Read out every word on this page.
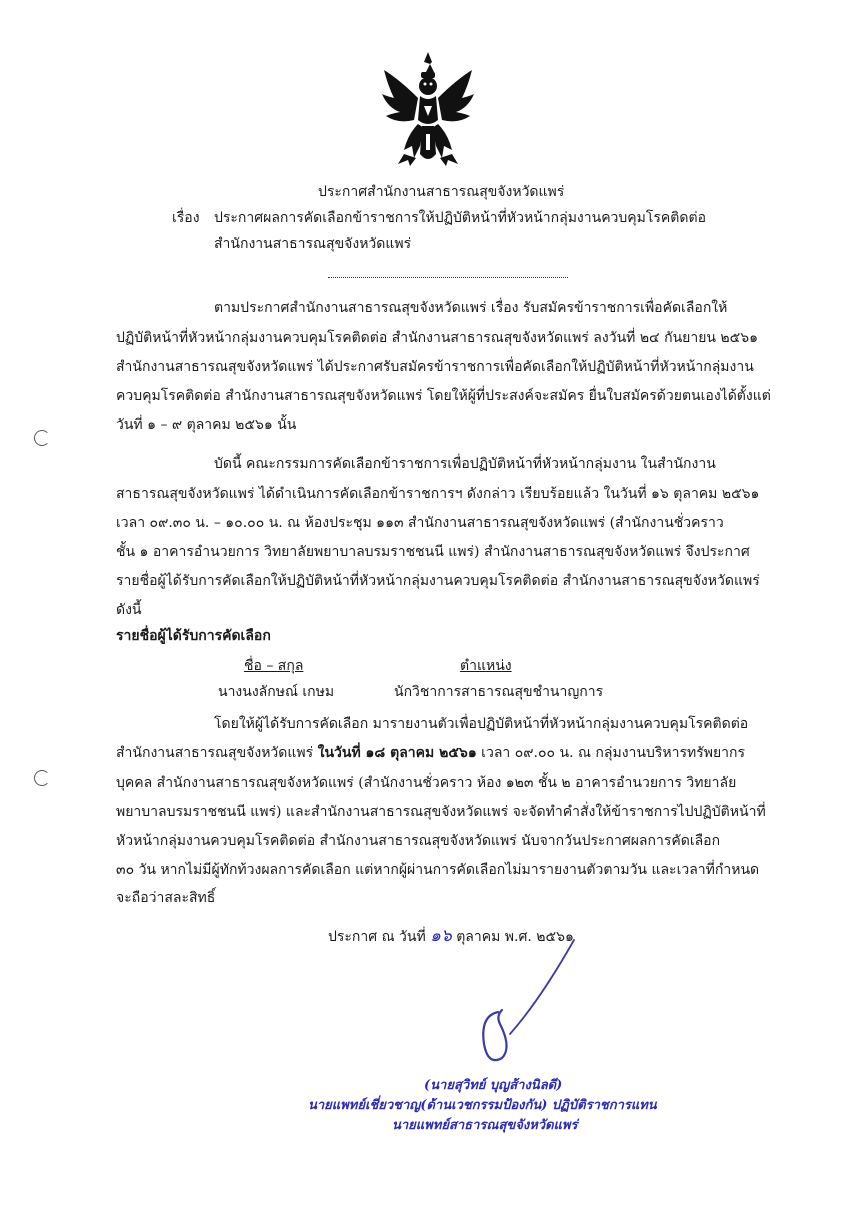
ประกาศสำนักงานสาธารณสุขจังหวัดแพร่
เรื่อง ประกาศผลการคัดเลือกข้าราชการให้ปฏิบัติหน้าที่หัวหน้ากลุ่มงานควบคุมโรคติดต่อ
สำนักงานสาธารณสุขจังหวัดแพร่
ตามประกาศสำนักงานสาธารณสุขจังหวัดแพร่ เรื่อง รับสมัครข้าราชการเพื่อคัดเลือกให้
ปฏิบัติหน้าที่หัวหน้ากลุ่มงานควบคุมโรคติดต่อ สำนักงานสาธารณสุขจังหวัดแพร่ ลงวันที่ ๒๔ กันยายน ๒๕๖๑
สำนักงานสาธารณสุขจังหวัดแพร่ ได้ประกาศรับสมัครข้าราชการเพื่อคัดเลือกให้ปฏิบัติหน้าที่หัวหน้ากลุ่มงาน
ควบคุมโรคติดต่อ สำนักงานสาธารณสุขจังหวัดแพร่ โดยให้ผู้ที่ประสงค์จะสมัคร ยื่นใบสมัครด้วยตนเองได้ตั้งแต่
วันที่ ๑ – ๙ ตุลาคม ๒๕๖๑ นั้น
บัดนี้ คณะกรรมการคัดเลือกข้าราชการเพื่อปฏิบัติหน้าที่หัวหน้ากลุ่มงาน ในสำนักงาน
สาธารณสุขจังหวัดแพร่ ได้ดำเนินการคัดเลือกข้าราชการฯ ดังกล่าว เรียบร้อยแล้ว ในวันที่ ๑๖ ตุลาคม ๒๕๖๑
เวลา ๐๙.๓๐ น. – ๑๐.๐๐ น. ณ ห้องประชุม ๑๑๓ สำนักงานสาธารณสุขจังหวัดแพร่ (สำนักงานชั่วคราว
ชั้น ๑ อาคารอำนวยการ วิทยาลัยพยาบาลบรมราชชนนี แพร่) สำนักงานสาธารณสุขจังหวัดแพร่ จึงประกาศ
รายชื่อผู้ได้รับการคัดเลือกให้ปฏิบัติหน้าที่หัวหน้ากลุ่มงานควบคุมโรคติดต่อ สำนักงานสาธารณสุขจังหวัดแพร่
ดังนี้
รายชื่อผู้ได้รับการคัดเลือก
ชื่อ – สกุล	ตำแหน่ง
นางนงลักษณ์ เกษม	นักวิชาการสาธารณสุขชำนาญการ
โดยให้ผู้ได้รับการคัดเลือก มารายงานตัวเพื่อปฏิบัติหน้าที่หัวหน้ากลุ่มงานควบคุมโรคติดต่อ
สำนักงานสาธารณสุขจังหวัดแพร่ ในวันที่ ๑๘ ตุลาคม ๒๕๖๑ เวลา ๐๙.๐๐ น. ณ กลุ่มงานบริหารทรัพยากร
บุคคล สำนักงานสาธารณสุขจังหวัดแพร่ (สำนักงานชั่วคราว ห้อง ๑๒๓ ชั้น ๒ อาคารอำนวยการ วิทยาลัย
พยาบาลบรมราชชนนี แพร่) และสำนักงานสาธารณสุขจังหวัดแพร่ จะจัดทำคำสั่งให้ข้าราชการไปปฏิบัติหน้าที่
หัวหน้ากลุ่มงานควบคุมโรคติดต่อ สำนักงานสาธารณสุขจังหวัดแพร่ นับจากวันประกาศผลการคัดเลือก
๓๐ วัน หากไม่มีผู้ทักท้วงผลการคัดเลือก แต่หากผู้ผ่านการคัดเลือกไม่มารายงานตัวตามวัน และเวลาที่กำหนด
จะถือว่าสละสิทธิ์
ประกาศ ณ วันที่ ๑๖ ตุลาคม พ.ศ. ๒๕๖๑
(นายสุวิทย์ บุญส้างนิลดี)
นายแพทย์เชี่ยวชาญ(ด้านเวชกรรมป้องกัน) ปฏิบัติราชการแทน
นายแพทย์สาธารณสุขจังหวัดแพร่
